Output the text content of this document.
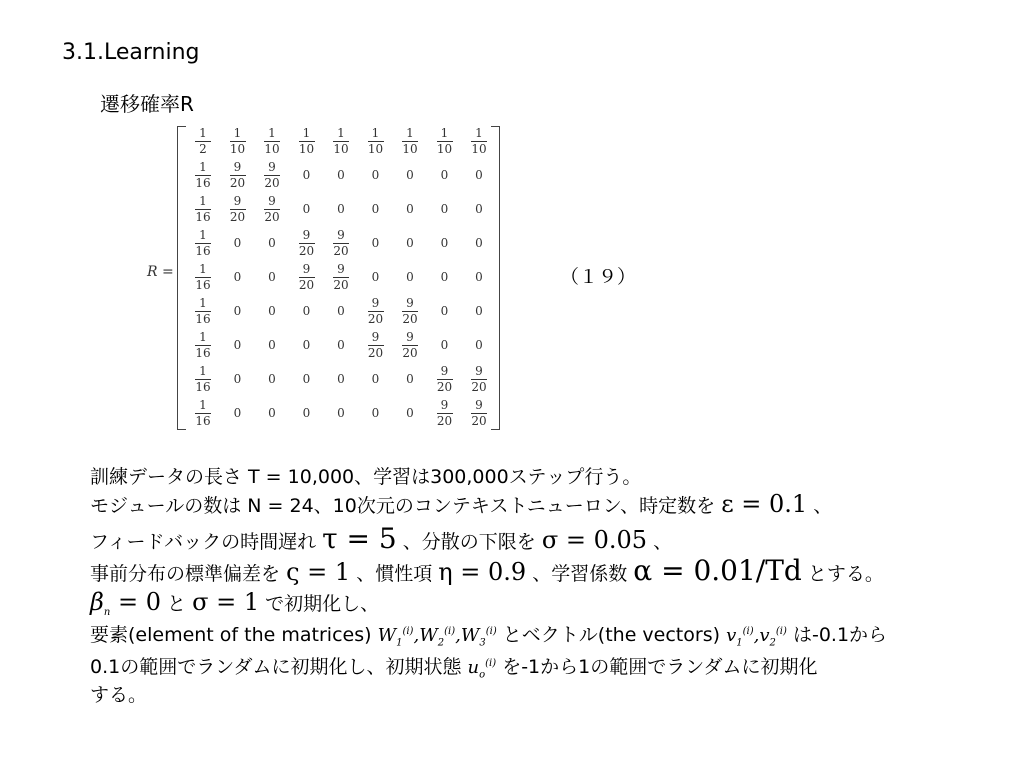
3.1.Learning
遷移確率R
R =
$\frac{1}{2} \frac{1}{10} \frac{1}{10} \frac{1}{10} \frac{1}{10} \frac{1}{10} \frac{1}{10} \frac{1}{10} \frac{1}{10}$
$\frac{1}{16} \frac{9}{20} \frac{9}{20}$	0	0	0	0	0	0
$\frac{1}{16} \frac{9}{20} \frac{9}{20}$	0	0	0	0	0	0
$\frac{1}{16}$	0	0	$\frac{9}{20} \frac{9}{20}$	0	0	0	0
$\frac{1}{16}$	0	0	$\frac{9}{20} \frac{9}{20}$	0	0	0	0
$\frac{1}{16}$	0	0	0	0	$\frac{9}{20} \frac{9}{20}$	0	0
$\frac{1}{16}$	0	0	0	0	$\frac{9}{20} \frac{9}{20}$	0	0
$\frac{1}{16}$	0	0	0	0	0	0	$\frac{9}{20} \frac{9}{20}$
$\frac{1}{16}$	0	0	0	0	0	0	$\frac{9}{20} \frac{9}{20}$
（１９）
訓練データの長さ T = 10,000、学習は300,000ステップ行う。
モジュールの数は N = 24、10次元のコンテキストニューロン、時定数を ε = 0.1 、
フィードバックの時間遅れ τ = 5 、分散の下限を σ = 0.05 、
事前分布の標準偏差を ς = 1 、慣性項 η = 0.9 、学習係数 α = 0.01/Td とする。
$\beta_n = 0$ と σ = 1 で初期化し、
要素(element of the matrices) $W_1^{(i)},W_2^{(i)},W_3^{(i)}$ とベクトル(the vectors) $v_1^{(i)},v_2^{(i)}$ は-0.1から
0.1の範囲でランダムに初期化し、初期状態 $u_o^{(i)}$ を-1から1の範囲でランダムに初期化
する。
